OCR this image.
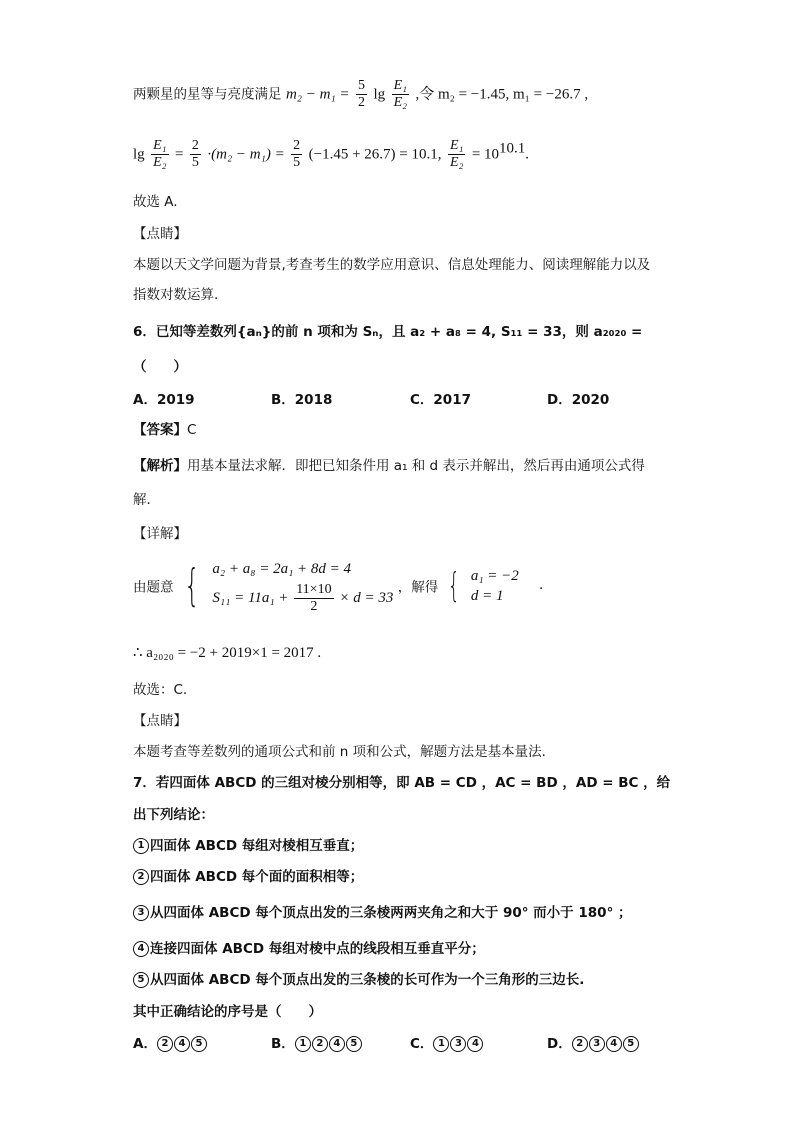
两颗星的星等与亮度满足 $m_2 - m_1 = \frac{5}{2}$ $\lg \frac{\text{E₁}}{\text{E₂}}$ ,令 m₂ = −1.45, m₁ = −26.7 ,
$\lg \frac{\text{E₁}}{\text{E₂}} = \frac{2}{5} \cdot(m_2 - m_1) = \frac{2}{5} (-1.45 + 26.7) = 10.1$, $\frac{\text{E₁}}{\text{E₂}} = 10^{10.1}$.
故选 A.
【点睛】
本题以天文学问题为背景,考查考生的数学应用意识、信息处理能力、阅读理解能力以及
指数对数运算.
6．已知等差数列{aₙ}的前 n 项和为 Sₙ，且 a₂ + a₈ = 4, S₁₁ = 33，则 a₂₀₂₀ =
（　　）
A．2019	B．2018	C．2017	D．2020
【答案】C
【解析】用基本量法求解．即把已知条件用 a₁ 和 d 表示并解出，然后再由通项公式得
解．
【详解】
由题意 { a₂ + a₈ = 2a₁ + 8d = 4
$S_{11} = 11a_1 + \frac{11\times 10}{2} \times d = 33$
，解得 { a₁ = −2
d = 1
.
∴ a₂₀₂₀ = −2 + 2019×1 = 2017 .
故选：C.
【点睛】
本题考查等差数列的通项公式和前 n 项和公式，解题方法是基本量法．
7．若四面体 ABCD 的三组对棱分别相等，即 AB = CD ，AC = BD ，AD = BC ，给
出下列结论：
1 四面体 ABCD 每组对棱相互垂直；
2 四面体 ABCD 每个面的面积相等；
3 从四面体 ABCD 每个顶点出发的三条棱两两夹角之和大于 90° 而小于 180° ；
4 连接四面体 ABCD 每组对棱中点的线段相互垂直平分；
5 从四面体 ABCD 每个顶点出发的三条棱的长可作为一个三角形的三边长.
其中正确结论的序号是（　　）
A． 2 4 5	B． 1 2 4 5	C． 1 3 4	D． 2 3 4 5
